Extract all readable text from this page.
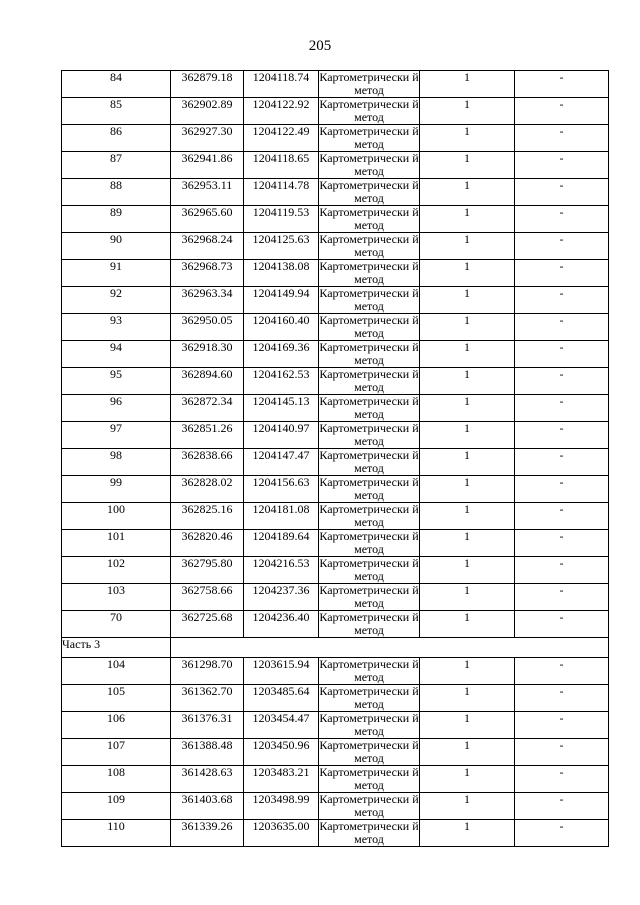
205
84	362879.18	1204118.74	Картометрически й метод	1	-
85	362902.89	1204122.92	Картометрически й метод	1	-
86	362927.30	1204122.49	Картометрически й метод	1	-
87	362941.86	1204118.65	Картометрически й метод	1	-
88	362953.11	1204114.78	Картометрически й метод	1	-
89	362965.60	1204119.53	Картометрически й метод	1	-
90	362968.24	1204125.63	Картометрически й метод	1	-
91	362968.73	1204138.08	Картометрически й метод	1	-
92	362963.34	1204149.94	Картометрически й метод	1	-
93	362950.05	1204160.40	Картометрически й метод	1	-
94	362918.30	1204169.36	Картометрически й метод	1	-
95	362894.60	1204162.53	Картометрически й метод	1	-
96	362872.34	1204145.13	Картометрически й метод	1	-
97	362851.26	1204140.97	Картометрически й метод	1	-
98	362838.66	1204147.47	Картометрически й метод	1	-
99	362828.02	1204156.63	Картометрически й метод	1	-
100	362825.16	1204181.08	Картометрически й метод	1	-
101	362820.46	1204189.64	Картометрически й метод	1	-
102	362795.80	1204216.53	Картометрически й метод	1	-
103	362758.66	1204237.36	Картометрически й метод	1	-
70	362725.68	1204236.40	Картометрически й метод	1	-
Часть 3					
104	361298.70	1203615.94	Картометрически й метод	1	-
105	361362.70	1203485.64	Картометрически й метод	1	-
106	361376.31	1203454.47	Картометрически й метод	1	-
107	361388.48	1203450.96	Картометрически й метод	1	-
108	361428.63	1203483.21	Картометрически й метод	1	-
109	361403.68	1203498.99	Картометрически й метод	1	-
110	361339.26	1203635.00	Картометрически й метод	1	-
